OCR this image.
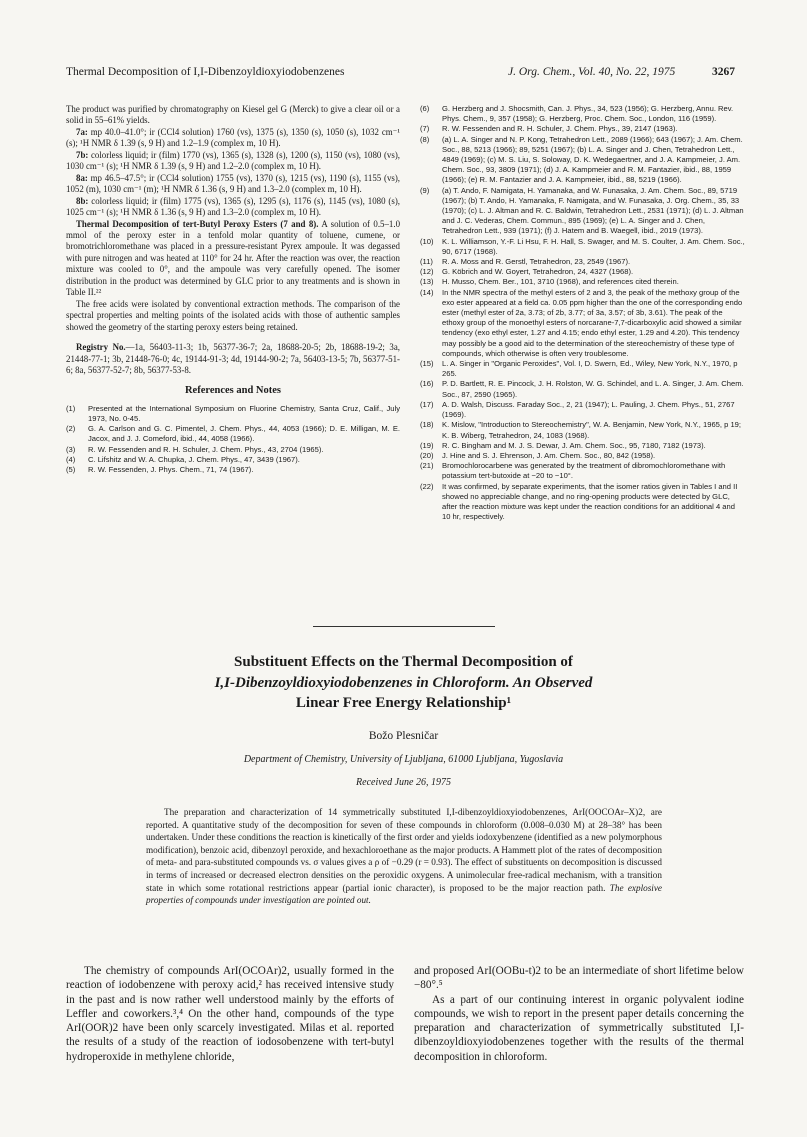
Thermal Decomposition of I,I-Dibenzoyldioxyiodobenzenes	J. Org. Chem., Vol. 40, No. 22, 1975	3267

The product was purified by chromatography on Kiesel gel G (Merck) to give a clear oil or a solid in 55–61% yields.

7a: mp 40.0–41.0°; ir (CCl4 solution) 1760 (vs), 1375 (s), 1350 (s), 1050 (s), 1032 cm⁻¹ (s); ¹H NMR δ 1.39 (s, 9 H) and 1.2–1.9 (complex m, 10 H).

7b: colorless liquid; ir (film) 1770 (vs), 1365 (s), 1328 (s), 1200 (s), 1150 (vs), 1080 (vs), 1030 cm⁻¹ (s); ¹H NMR δ 1.39 (s, 9 H) and 1.2–2.0 (complex m, 10 H).

8a: mp 46.5–47.5°; ir (CCl4 solution) 1755 (vs), 1370 (s), 1215 (vs), 1190 (s), 1155 (vs), 1052 (m), 1030 cm⁻¹ (m); ¹H NMR δ 1.36 (s, 9 H) and 1.3–2.0 (complex m, 10 H).

8b: colorless liquid; ir (film) 1775 (vs), 1365 (s), 1295 (s), 1176 (s), 1145 (vs), 1080 (s), 1025 cm⁻¹ (s); ¹H NMR δ 1.36 (s, 9 H) and 1.3–2.0 (complex m, 10 H).

Thermal Decomposition of tert-Butyl Peroxy Esters (7 and 8). A solution of 0.5–1.0 mmol of the peroxy ester in a tenfold molar quantity of toluene, cumene, or bromotrichloromethane was placed in a pressure-resistant Pyrex ampoule. It was degassed with pure nitrogen and was heated at 110° for 24 hr. After the reaction was over, the reaction mixture was cooled to 0°, and the ampoule was very carefully opened. The isomer distribution in the product was determined by GLC prior to any treatments and is shown in Table II.²²

The free acids were isolated by conventional extraction methods. The comparison of the spectral properties and melting points of the isolated acids with those of authentic samples showed the geometry of the starting peroxy esters being retained.

Registry No.—1a, 56403-11-3; 1b, 56377-36-7; 2a, 18688-20-5; 2b, 18688-19-2; 3a, 21448-77-1; 3b, 21448-76-0; 4c, 19144-91-3; 4d, 19144-90-2; 7a, 56403-13-5; 7b, 56377-51-6; 8a, 56377-52-7; 8b, 56377-53-8.

References and Notes
(1)	Presented at the International Symposium on Fluorine Chemistry, Santa Cruz, Calif., July 1973, No. 0-45.
(2)	G. A. Carlson and G. C. Pimentel, J. Chem. Phys., 44, 4053 (1966); D. E. Milligan, M. E. Jacox, and J. J. Comeford, ibid., 44, 4058 (1966).
(3)	R. W. Fessenden and R. H. Schuler, J. Chem. Phys., 43, 2704 (1965).
(4)	C. Lifshitz and W. A. Chupka, J. Chem. Phys., 47, 3439 (1967).
(5)	R. W. Fessenden, J. Phys. Chem., 71, 74 (1967).
(6)	G. Herzberg and J. Shocsmith, Can. J. Phys., 34, 523 (1956); G. Herzberg, Annu. Rev. Phys. Chem., 9, 357 (1958); G. Herzberg, Proc. Chem. Soc., London, 116 (1959).
(7)	R. W. Fessenden and R. H. Schuler, J. Chem. Phys., 39, 2147 (1963).
(8)	(a) L. A. Singer and N. P. Kong, Tetrahedron Lett., 2089 (1966); 643 (1967); J. Am. Chem. Soc., 88, 5213 (1966); 89, 5251 (1967); (b) L. A. Singer and J. Chen, Tetrahedron Lett., 4849 (1969); (c) M. S. Liu, S. Soloway, D. K. Wedegaertner, and J. A. Kampmeier, J. Am. Chem. Soc., 93, 3809 (1971); (d) J. A. Kampmeier and R. M. Fantazier, ibid., 88, 1959 (1966); (e) R. M. Fantazier and J. A. Kampmeier, ibid., 88, 5219 (1966).
(9)	(a) T. Ando, F. Namigata, H. Yamanaka, and W. Funasaka, J. Am. Chem. Soc., 89, 5719 (1967); (b) T. Ando, H. Yamanaka, F. Namigata, and W. Funasaka, J. Org. Chem., 35, 33 (1970); (c) L. J. Altman and R. C. Baldwin, Tetrahedron Lett., 2531 (1971); (d) L. J. Altman and J. C. Vederas, Chem. Commun., 895 (1969); (e) L. A. Singer and J. Chen, Tetrahedron Lett., 939 (1971); (f) J. Hatem and B. Waegell, ibid., 2019 (1973).
(10)	K. L. Williamson, Y.-F. Li Hsu, F. H. Hall, S. Swager, and M. S. Coulter, J. Am. Chem. Soc., 90, 6717 (1968).
(11)	R. A. Moss and R. Gerstl, Tetrahedron, 23, 2549 (1967).
(12)	G. Köbrich and W. Goyert, Tetrahedron, 24, 4327 (1968).
(13)	H. Musso, Chem. Ber., 101, 3710 (1968), and references cited therein.
(14)	In the NMR spectra of the methyl esters of 2 and 3, the peak of the methoxy group of the exo ester appeared at a field ca. 0.05 ppm higher than the one of the corresponding endo ester (methyl ester of 2a, 3.73; of 2b, 3.77; of 3a, 3.57; of 3b, 3.61). The peak of the ethoxy group of the monoethyl esters of norcarane-7,7-dicarboxylic acid showed a similar tendency (exo ethyl ester, 1.27 and 4.15; endo ethyl ester, 1.29 and 4.20). This tendency may possibly be a good aid to the determination of the stereochemistry of these type of compounds, which otherwise is often very troublesome.
(15)	L. A. Singer in "Organic Peroxides", Vol. I, D. Swern, Ed., Wiley, New York, N.Y., 1970, p 265.
(16)	P. D. Bartlett, R. E. Pincock, J. H. Rolston, W. G. Schindel, and L. A. Singer, J. Am. Chem. Soc., 87, 2590 (1965).
(17)	A. D. Walsh, Discuss. Faraday Soc., 2, 21 (1947); L. Pauling, J. Chem. Phys., 51, 2767 (1969).
(18)	K. Mislow, "Introduction to Stereochemistry", W. A. Benjamin, New York, N.Y., 1965, p 19; K. B. Wiberg, Tetrahedron, 24, 1083 (1968).
(19)	R. C. Bingham and M. J. S. Dewar, J. Am. Chem. Soc., 95, 7180, 7182 (1973).
(20)	J. Hine and S. J. Ehrenson, J. Am. Chem. Soc., 80, 842 (1958).
(21)	Bromochlorocarbene was generated by the treatment of dibromochloromethane with potassium tert-butoxide at −20 to −10°.
(22)	It was confirmed, by separate experiments, that the isomer ratios given in Tables I and II showed no appreciable change, and no ring-opening products were detected by GLC, after the reaction mixture was kept under the reaction conditions for an additional 4 and 10 hr, respectively.
Substituent Effects on the Thermal Decomposition of
I,I-Dibenzoyldioxyiodobenzenes in Chloroform. An Observed
Linear Free Energy Relationship¹
Božo Plesničar
Department of Chemistry, University of Ljubljana, 61000 Ljubljana, Yugoslavia
Received June 26, 1975
The preparation and characterization of 14 symmetrically substituted I,I-dibenzoyldioxyiodobenzenes, ArI(OOCOAr–X)2, are reported. A quantitative study of the decomposition for seven of these compounds in chloroform (0.008–0.030 M) at 28–38° has been undertaken. Under these conditions the reaction is kinetically of the first order and yields iodoxybenzene (identified as a new polymorphous modification), benzoic acid, dibenzoyl peroxide, and hexachloroethane as the major products. A Hammett plot of the rates of decomposition of meta- and para-substituted compounds vs. σ values gives a ρ of −0.29 (r = 0.93). The effect of substituents on decomposition is discussed in terms of increased or decreased electron densities on the peroxidic oxygens. A unimolecular free-radical mechanism, with a transition state in which some rotational restrictions appear (partial ionic character), is proposed to be the major reaction path. The explosive properties of compounds under investigation are pointed out.

The chemistry of compounds ArI(OCOAr)2, usually formed in the reaction of iodobenzene with peroxy acid,² has received intensive study in the past and is now rather well understood mainly by the efforts of Leffler and coworkers.³,⁴ On the other hand, compounds of the type ArI(OOR)2 have been only scarcely investigated. Milas et al. reported the results of a study of the reaction of iodosobenzene with tert-butyl hydroperoxide in methylene chloride,

and proposed ArI(OOBu-t)2 to be an intermediate of short lifetime below −80°.⁵

As a part of our continuing interest in organic polyvalent iodine compounds, we wish to report in the present paper details concerning the preparation and characterization of symmetrically substituted I,I-dibenzoyldioxyiodobenzenes together with the results of the thermal decomposition in chloroform.
